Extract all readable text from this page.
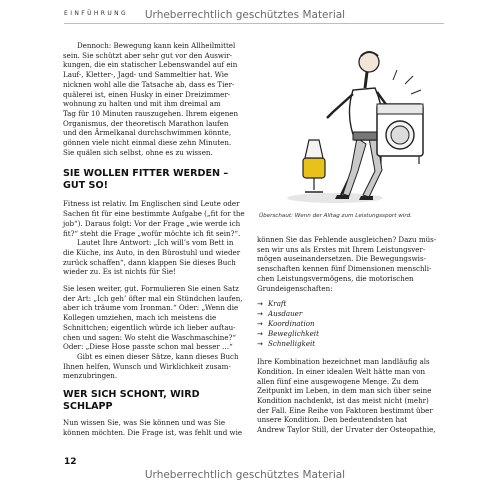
Urheberrechtlich geschütztes Material
EINFÜHRUNG

Dennoch: Bewegung kann kein Allheilmittel
sein. Sie schützt aber sehr gut vor den Auswir-
kungen, die ein statischer Lebenswandel auf ein
Lauf-, Kletter-, Jagd- und Sammeltier hat. Wie
nicknen wohl alle die Tatsache ab, dass es Tier-
quälerei ist, einen Husky in einer Dreizimmer-
wohnung zu halten und mit ihm dreimal am
Tag für 10 Minuten rauszugehen. Ihrem eigenen
Organismus, der theoretisch Marathon laufen
und den Ärmelkanal durchschwimmen könnte,
gönnen viele nicht einmal diese zehn Minuten.
Sie quälen sich selbst, ohne es zu wissen.

SIE WOLLEN FITTER WERDEN –
GUT SO!

Fitness ist relativ. Im Englischen sind Leute oder
Sachen fit für eine bestimmte Aufgabe („fit for the
job“). Daraus folgt: Vor der Frage „wie werde ich
fit?“ steht die Frage „wofür möchte ich fit sein?“.

Lautet Ihre Antwort: „Ich will’s vom Bett in
die Küche, ins Auto, in den Bürostuhl und wieder
zurück schaffen“, dann klappen Sie dieses Buch
wieder zu. Es ist nichts für Sie!

Sie lesen weiter, gut. Formulieren Sie einen Satz
der Art: „Ich geh’ öfter mal ein Stündchen laufen,
aber ich träume vom Ironman.“ Oder: „Wenn die
Kollegen umziehen, mach ich meistens die
Schnittchen; eigentlich würde ich lieber auftau-
chen und sagen: Wo steht die Waschmaschine?“
Oder: „Diese Hose passte schon mal besser …“

Gibt es einen dieser Sätze, kann dieses Buch
Ihnen helfen, Wunsch und Wirklichkeit zusam-
menzubringen.

WER SICH SCHONT, WIRD SCHLAPP

Nun wissen Sie, was Sie können und was Sie
können möchten. Die Frage ist, was fehlt und wie

Überschaut: Wenn der Alltag zum Leistungssport wird.

können Sie das Fehlende ausgleichen? Dazu müs-
sen wir uns als Erstes mit Ihrem Leistungsver-
mögen auseinandersetzen. Die Bewegungswis-
senschaften kennen fünf Dimensionen menschli-
chen Leistungsvermögens, die motorischen
Grundeigenschaften:

→ Kraft
→ Ausdauer
→ Koordination
→ Beweglichkeit
→ Schnelligkeit

Ihre Kombination bezeichnet man landläufig als
Kondition. In einer idealen Welt hätte man von
allen fünf eine ausgewogene Menge. Zu dem
Zeitpunkt im Leben, in dem man sich über seine
Kondition nachdenkt, ist das meist nicht (mehr)
der Fall. Eine Reihe von Faktoren bestimmt über
unsere Kondition. Den bedeutendsten hat
Andrew Taylor Still, der Urvater der Osteopathie,

12
Urheberrechtlich geschütztes Material
